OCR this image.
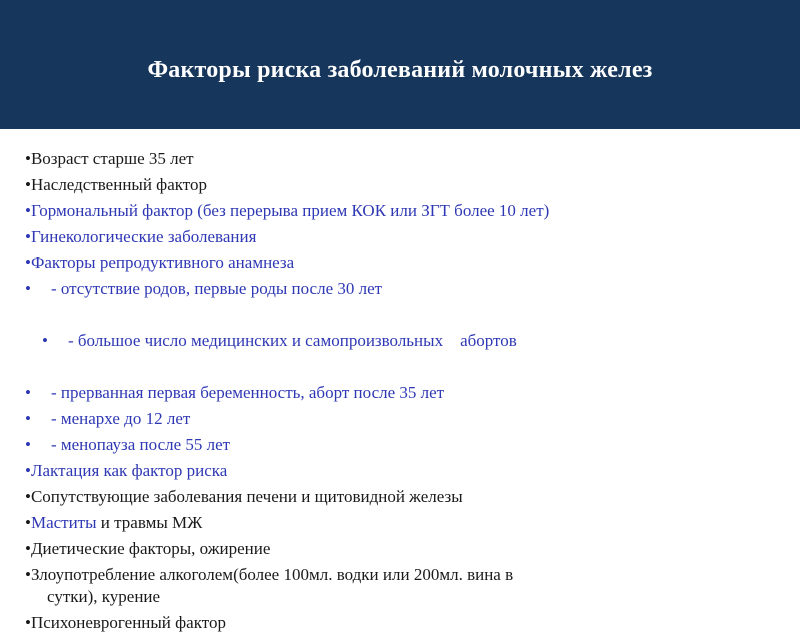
Факторы риска заболеваний молочных желез
•Возраст старше 35 лет
•Наследственный фактор
•Гормональный фактор (без перерыва прием КОК или ЗГТ более 10 лет)
•Гинекологические заболевания
•Факторы репродуктивного анамнеза
• - отсутствие родов, первые роды после 30 лет

• - большое число медицинских и самопроизвольных    абортов

• - прерванная первая беременность, аборт после 35 лет
• - менархе до 12 лет
• - менопауза после 55 лет
•Лактация как фактор риска
•Сопутствующие заболевания печени и щитовидной железы
•Маститы и травмы МЖ
•Диетические факторы, ожирение
•Злоупотребление алкоголем(более 100мл. водки или 200мл. вина в
сутки), курение
•Психоневрогенный фактор
